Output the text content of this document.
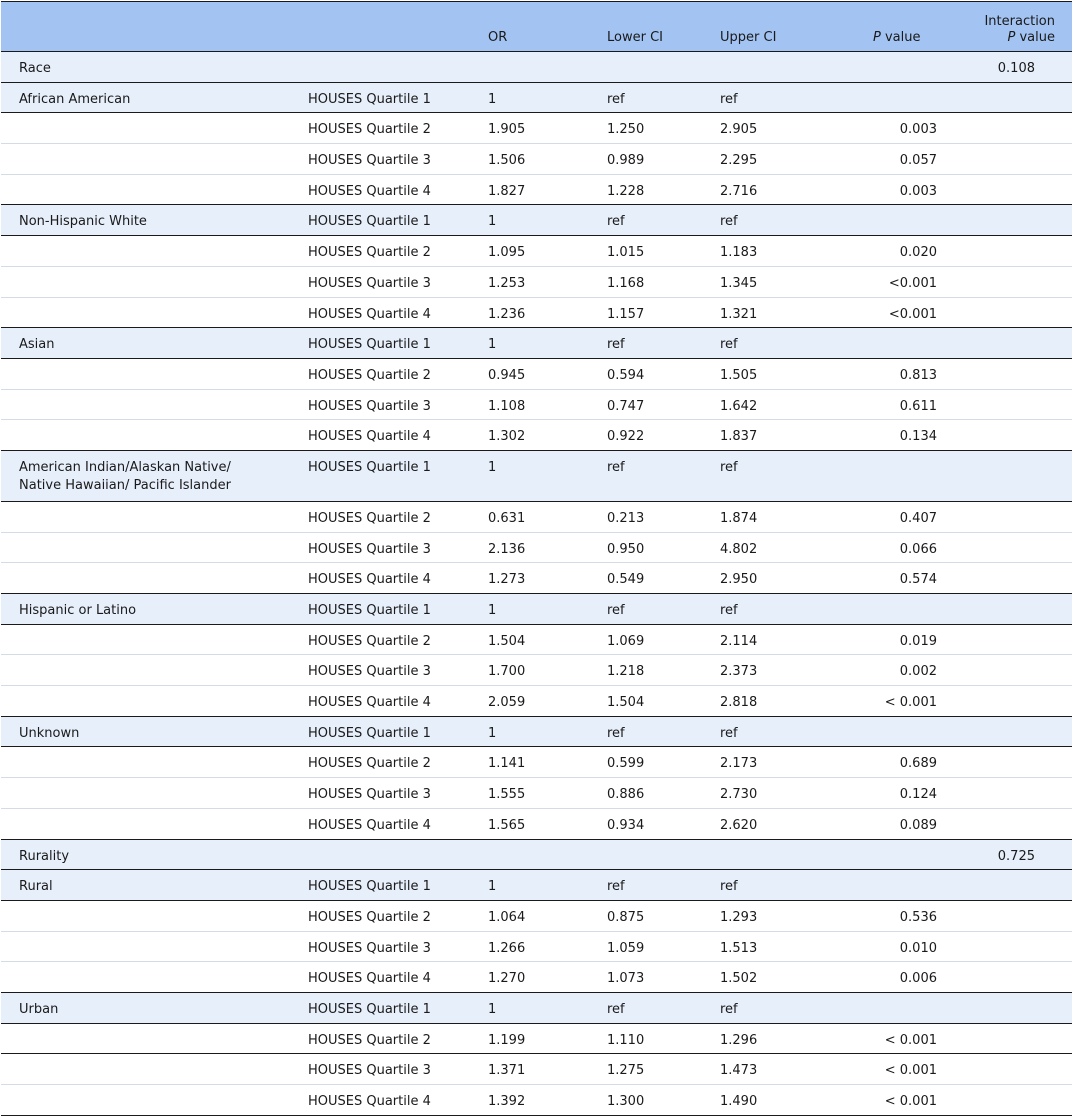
		OR	Lower CI	Upper CI	P value	Interaction
P value
Race						0.108
African American	HOUSES Quartile 1	1	ref	ref		
	HOUSES Quartile 2	1.905	1.250	2.905	0.003	
	HOUSES Quartile 3	1.506	0.989	2.295	0.057	
	HOUSES Quartile 4	1.827	1.228	2.716	0.003	
Non-Hispanic White	HOUSES Quartile 1	1	ref	ref		
	HOUSES Quartile 2	1.095	1.015	1.183	0.020	
	HOUSES Quartile 3	1.253	1.168	1.345	<0.001	
	HOUSES Quartile 4	1.236	1.157	1.321	<0.001	
Asian	HOUSES Quartile 1	1	ref	ref		
	HOUSES Quartile 2	0.945	0.594	1.505	0.813	
	HOUSES Quartile 3	1.108	0.747	1.642	0.611	
	HOUSES Quartile 4	1.302	0.922	1.837	0.134	
American Indian/Alaskan Native/
Native Hawaiian/ Pacific Islander	HOUSES Quartile 1	1	ref	ref		
	HOUSES Quartile 2	0.631	0.213	1.874	0.407	
	HOUSES Quartile 3	2.136	0.950	4.802	0.066	
	HOUSES Quartile 4	1.273	0.549	2.950	0.574	
Hispanic or Latino	HOUSES Quartile 1	1	ref	ref		
	HOUSES Quartile 2	1.504	1.069	2.114	0.019	
	HOUSES Quartile 3	1.700	1.218	2.373	0.002	
	HOUSES Quartile 4	2.059	1.504	2.818	< 0.001	
Unknown	HOUSES Quartile 1	1	ref	ref		
	HOUSES Quartile 2	1.141	0.599	2.173	0.689	
	HOUSES Quartile 3	1.555	0.886	2.730	0.124	
	HOUSES Quartile 4	1.565	0.934	2.620	0.089	
Rurality						0.725
Rural	HOUSES Quartile 1	1	ref	ref		
	HOUSES Quartile 2	1.064	0.875	1.293	0.536	
	HOUSES Quartile 3	1.266	1.059	1.513	0.010	
	HOUSES Quartile 4	1.270	1.073	1.502	0.006	
Urban	HOUSES Quartile 1	1	ref	ref		
	HOUSES Quartile 2	1.199	1.110	1.296	< 0.001	
	HOUSES Quartile 3	1.371	1.275	1.473	< 0.001	
	HOUSES Quartile 4	1.392	1.300	1.490	< 0.001	
